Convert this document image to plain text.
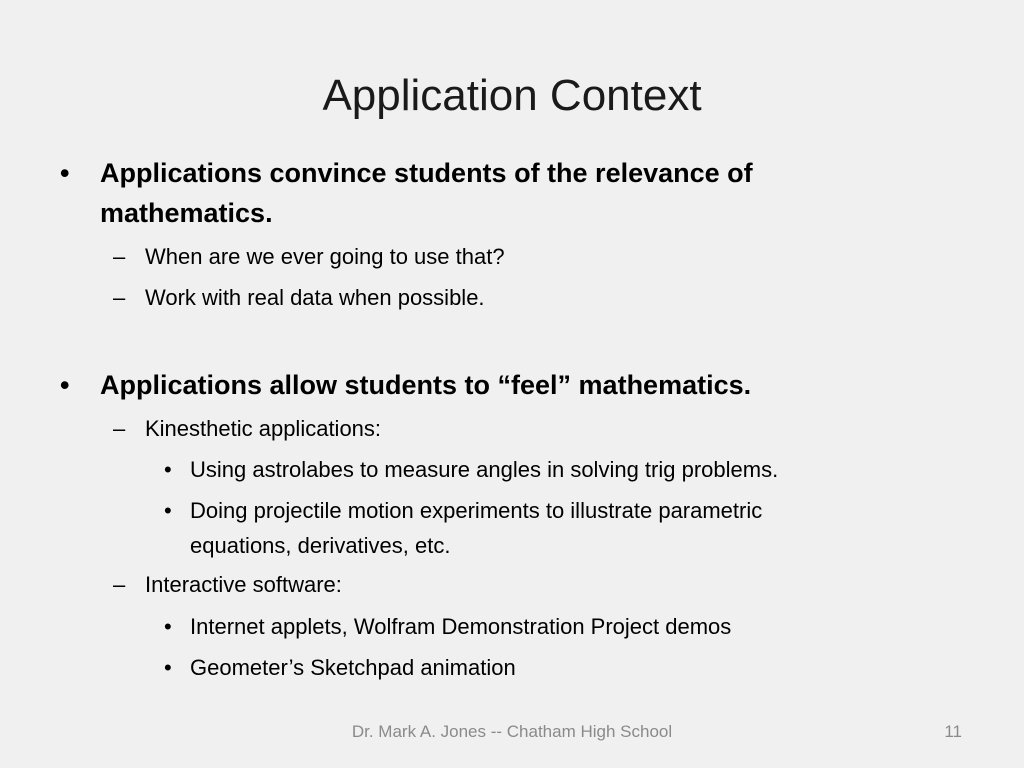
Application Context
• Applications convince students of the relevance of
mathematics.
– When are we ever going to use that?
– Work with real data when possible.
• Applications allow students to “feel” mathematics.
– Kinesthetic applications:
• Using astrolabes to measure angles in solving trig problems.
• Doing projectile motion experiments to illustrate parametric
equations, derivatives, etc.
– Interactive software:
• Internet applets, Wolfram Demonstration Project demos
• Geometer’s Sketchpad animation
Dr. Mark A. Jones -- Chatham High School	11
